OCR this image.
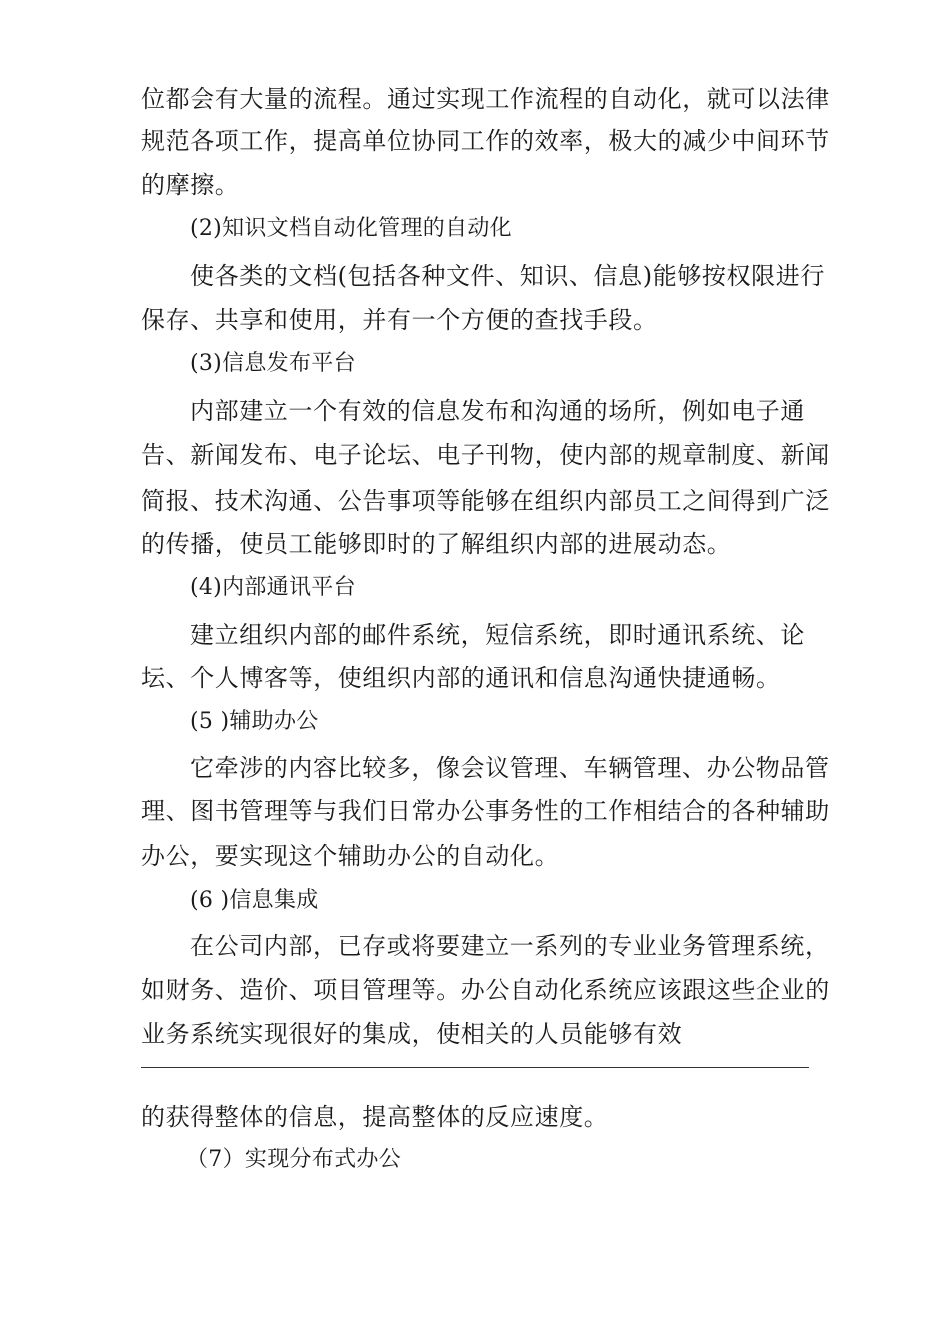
位都会有大量的流程。通过实现工作流程的自动化，就可以法律
规范各项工作，提高单位协同工作的效率，极大的减少中间环节
的摩擦。
(2)知识文档自动化管理的自动化
使各类的文档(包括各种文件、知识、信息)能够按权限进行
保存、共享和使用，并有一个方便的查找手段。
(3)信息发布平台
内部建立一个有效的信息发布和沟通的场所，例如电子通
告、新闻发布、电子论坛、电子刊物，使内部的规章制度、新闻
简报、技术沟通、公告事项等能够在组织内部员工之间得到广泛
的传播，使员工能够即时的了解组织内部的进展动态。
(4)内部通讯平台
建立组织内部的邮件系统，短信系统，即时通讯系统、论
坛、个人博客等，使组织内部的通讯和信息沟通快捷通畅。
(5 )辅助办公
它牵涉的内容比较多，像会议管理、车辆管理、办公物品管
理、图书管理等与我们日常办公事务性的工作相结合的各种辅助
办公，要实现这个辅助办公的自动化。
(6 )信息集成
在公司内部，已存或将要建立一系列的专业业务管理系统，
如财务、造价、项目管理等。办公自动化系统应该跟这些企业的
业务系统实现很好的集成，使相关的人员能够有效
的获得整体的信息，提高整体的反应速度。
（7）实现分布式办公
